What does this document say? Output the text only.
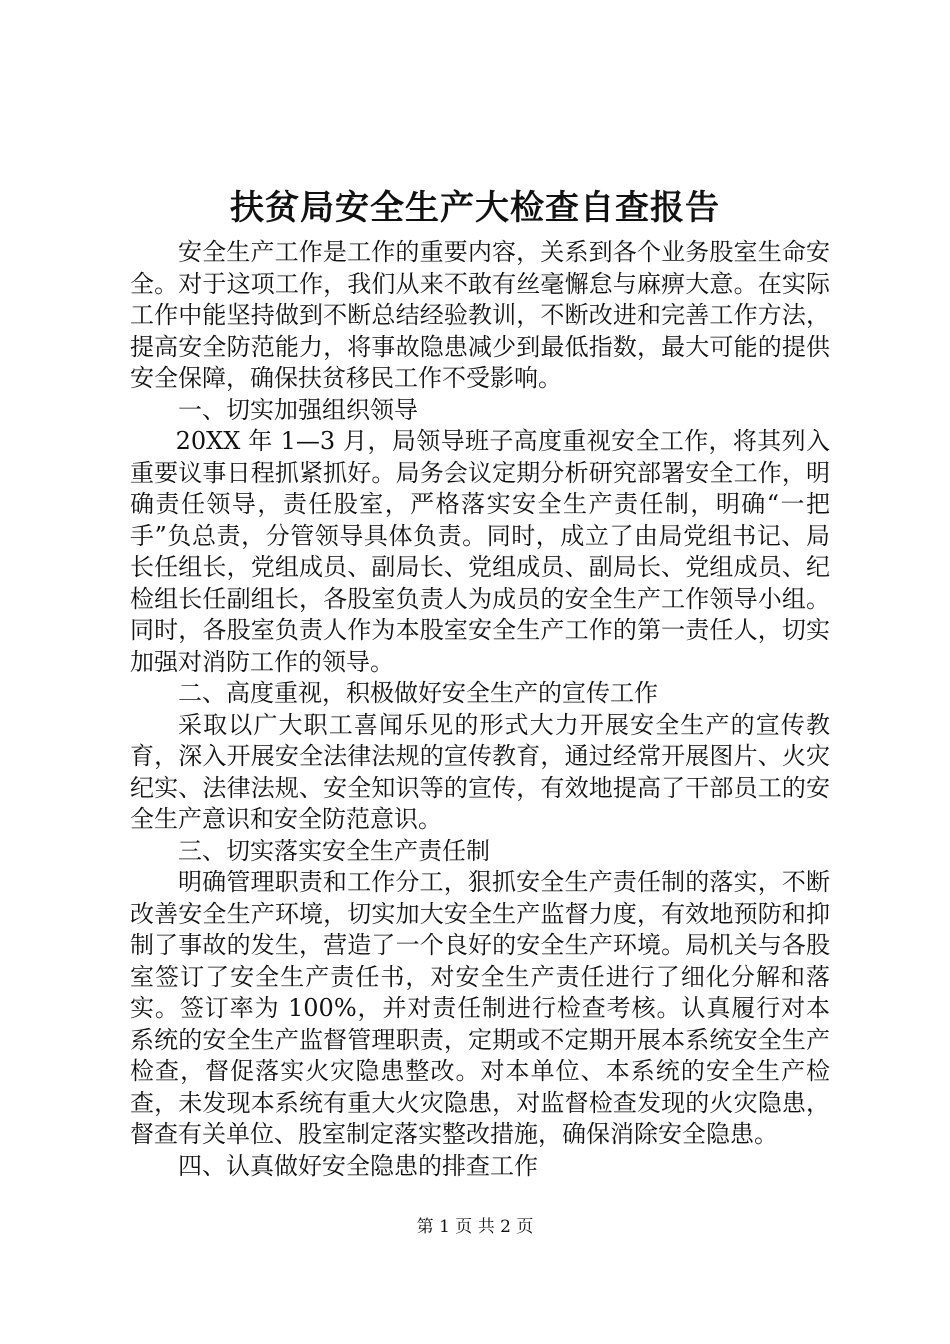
扶贫局安全生产大检查自查报告

安全生产工作是工作的重要内容，关系到各个业务股室生命安全。对于这项工作，我们从来不敢有丝毫懈怠与麻痹大意。在实际工作中能坚持做到不断总结经验教训，不断改进和完善工作方法，提高安全防范能力，将事故隐患减少到最低指数，最大可能的提供安全保障，确保扶贫移民工作不受影响。

一、切实加强组织领导

20XX 年 1—3 月，局领导班子高度重视安全工作，将其列入重要议事日程抓紧抓好。局务会议定期分析研究部署安全工作，明确责任领导，责任股室，严格落实安全生产责任制，明确“一把手”负总责，分管领导具体负责。同时，成立了由局党组书记、局长任组长，党组成员、副局长、党组成员、副局长、党组成员、纪检组长任副组长，各股室负责人为成员的安全生产工作领导小组。同时，各股室负责人作为本股室安全生产工作的第一责任人，切实加强对消防工作的领导。

二、高度重视，积极做好安全生产的宣传工作

采取以广大职工喜闻乐见的形式大力开展安全生产的宣传教育，深入开展安全法律法规的宣传教育，通过经常开展图片、火灾纪实、法律法规、安全知识等的宣传，有效地提高了干部员工的安全生产意识和安全防范意识。

三、切实落实安全生产责任制

明确管理职责和工作分工，狠抓安全生产责任制的落实，不断改善安全生产环境，切实加大安全生产监督力度，有效地预防和抑制了事故的发生，营造了一个良好的安全生产环境。局机关与各股室签订了安全生产责任书，对安全生产责任进行了细化分解和落实。签订率为 100%，并对责任制进行检查考核。认真履行对本系统的安全生产监督管理职责，定期或不定期开展本系统安全生产检查，督促落实火灾隐患整改。对本单位、本系统的安全生产检查，未发现本系统有重大火灾隐患，对监督检查发现的火灾隐患，督查有关单位、股室制定落实整改措施，确保消除安全隐患。

四、认真做好安全隐患的排查工作

第 1 页 共 2 页
